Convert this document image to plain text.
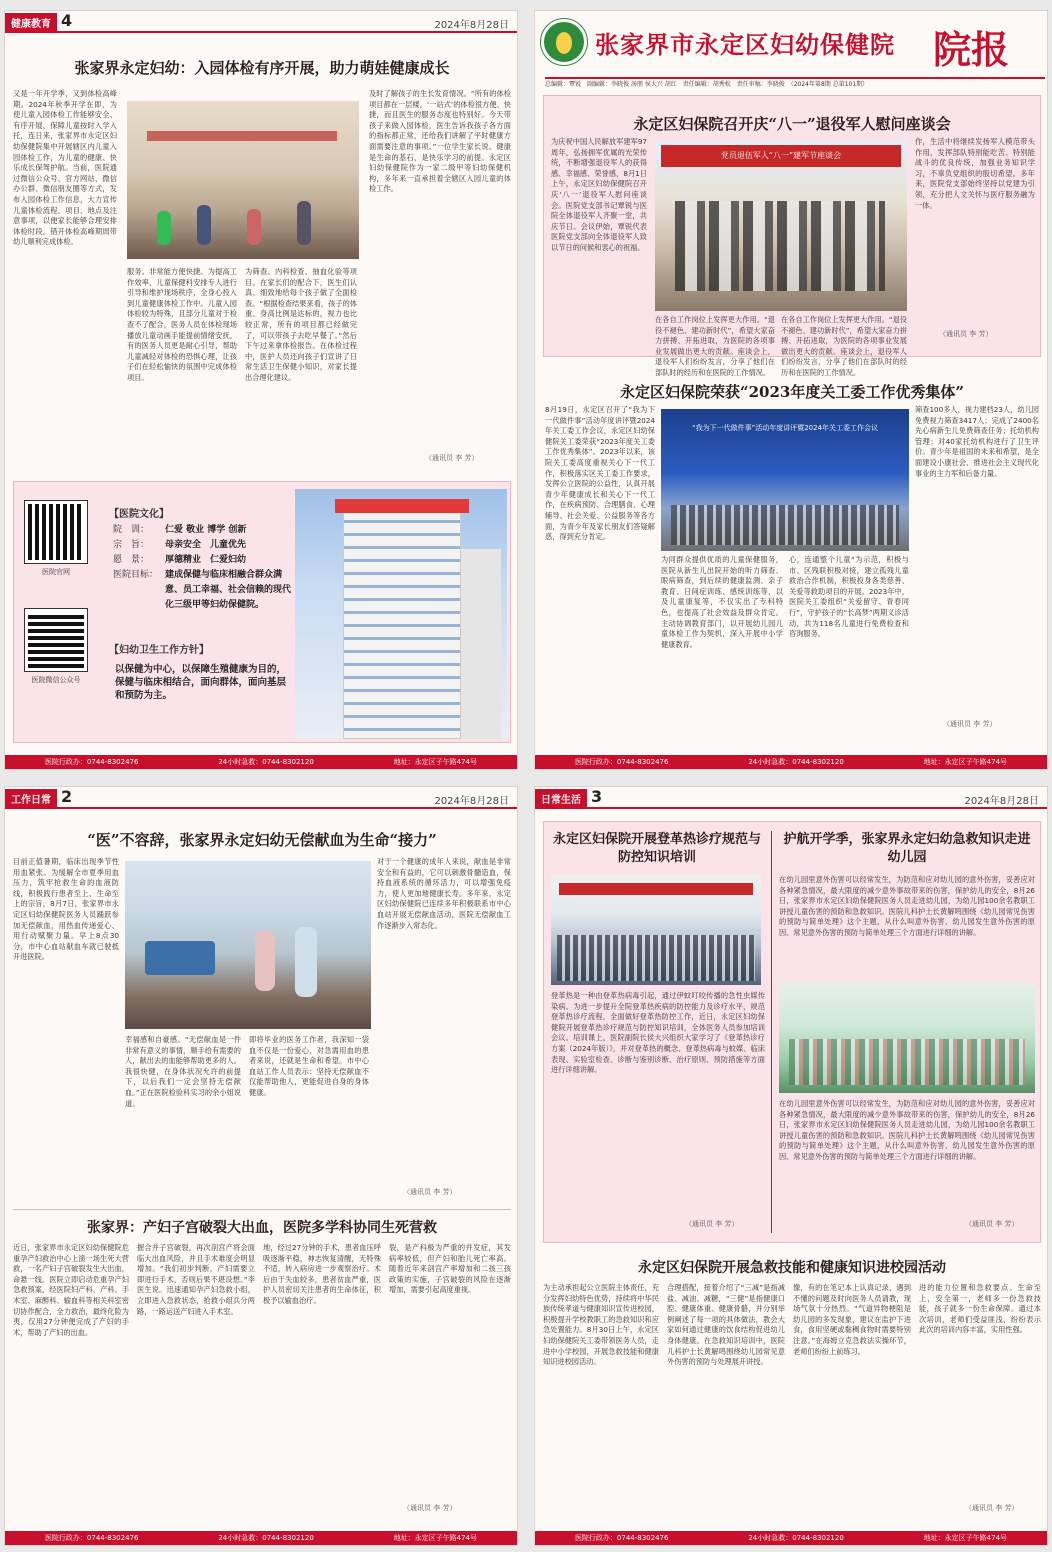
健康教育 4	2024年8月28日
张家界永定妇幼：入园体检有序开展，助力萌娃健康成长
又是一年开学季，又到体检高峰期。2024年秋季开学在即，为使儿童入园体检工作能够安全、有序开展，保障儿童按时入学入托，连日来，张家界市永定区妇幼保健院集中开展辖区内儿童入园体检工作，为儿童的健康、快乐成长保驾护航。当前，医院通过微信公众号、官方网站、微信办公群、微信朋友圈等方式，发布入园体检工作信息，大力宣传儿童体检流程、项目、地点及注意事项，以便家长能够合理安排体检时段，错开体检高峰期周带幼儿顺利完成体检。
服务。非常能方便快捷。为提高工作效率，儿童保健科安排专人进行引导和维护现场秩序，全身心投入到儿童健康体检工作中。儿童入园体检较为特殊，且部分儿童对于检查不了配合，医务人员在体检现场播放儿童动画手能提前情绪安抚，有的医务人员更是耐心引导，帮助儿童减轻对体检的恐惧心理，让孩子们在轻松愉快的氛围中完成体检项目。
为筛查、内科检查、抽血化验等项目。在家长们的配合下，医生们认真、细致地给每个孩子做了全面检查。“根据检查结果来看，孩子的体重、身高比例是达标的，视力也比较正常，所有的项目都已经做完了，可以带孩子去吃早餐了。”然后下午过来拿体检报告。在体检过程中，医护人员还向孩子们宣讲了日常生活卫生保健小知识，对家长提出合理化建议。
及时了解孩子的生长发育情况。“所有的体检项目都在一层楼，‘一站式’的体检很方便、快捷，而且医生的服务态度也特别好。今天带孩子来做入园体检，医生告诉我孩子各方面的指标都正常，还给我们讲解了平时健康方面需要注意的事项。”一位学生家长说。健康是生命的基石，是快乐学习的前提。永定区妇幼保健院作为一家二级甲等妇幼保健机构，多年来一直承担着全辖区入园儿童的体检工作。
（通讯员 李 芳）
医院官网
医院微信公众号
【医院文化】
院　训：	仁爱 敬业 博学 创新
宗　旨：	母亲安全　儿童优先
愿　景：	厚德精业　仁爱妇幼
医院目标： 建成保健与临床相融合群众满意、员工幸福、社会信赖的现代化三级甲等妇幼保健院。
【妇幼卫生工作方针】
以保健为中心，以保障生殖健康为目的，保健与临床相结合，面向群体，面向基层和预防为主。
医院行政办：0744-8302476	24小时急救：0744-8302120	地址：永定区子午路474号
张家界市永定区妇幼保健院 院报
总编辑：覃锐　副编辑：李晓俊 汤朋 侯大兴 胡红　责任编辑：胡秀松　责任审稿：李晓俊　（2024年第8期 总第101期）
永定区妇保院召开庆“八一”退役军人慰问座谈会
为庆祝中国人民解放军建军97周年，弘扬拥军优属的光荣传统，不断增强退役军人的获得感、幸福感、荣誉感，8月1日上午，永定区妇幼保健院召开庆‘八一’退役军人慰问座谈会。医院党支部书记覃锐与医院全体退役军人齐聚一堂，共庆节日。会议伊始，覃锐代表医院党支部向全体退役军人致以节日的问候和衷心的祝福。
党员退伍军人“八一”建军节座谈会
在各自工作岗位上发挥更大作用。“退役不褪色、建功新时代”，希望大家奋力拼搏、开拓进取，为医院的各项事业发展做出更大的贡献。座谈会上，退役军人们纷纷发言，分享了他们在部队时的经历和在医院的工作情况。
在各自工作岗位上发挥更大作用。“退役不褪色、建功新时代”，希望大家奋力拼搏、开拓进取，为医院的各项事业发展做出更大的贡献。座谈会上，退役军人们纷纷发言，分享了他们在部队时的经历和在医院的工作情况。
作，生活中将继续发扬军人模范带头作用，发挥部队特别能吃苦、特别能战斗的优良传统，加强业务知识学习，不辜负党组织的殷切希望。多年来，医院党支部始终坚持以党建为引领，充分把人文关怀与医疗服务融为一体。
（通讯员 李 芳）
永定区妇保院荣获“2023年度关工委工作优秀集体”
8月19日，永定区召开了“我为下一代做件事”活动年度讲评暨2024年关工委工作会议，永定区妇幼保健院关工委荣获“2023年度关工委工作优秀集体”。2023年以来，该院关工委高度重视关心下一代工作，积极落实区关工委工作要求，发挥公立医院的公益性，认真开展青少年健康成长和关心下一代工作，在疾病预防、合理膳食、心理辅导、社会关爱、公益服务等各方面，为青少年及家长朋友们答疑解惑，得到充分肯定。
“我为下一代做件事”活动年度讲评暨2024年关工委工作会议
为同群众提供优质的儿童保健服务，医院从新生儿出院开始的听力筛查、眼病筛查，到后续的健康监测、亲子教育、日间症训练、感统训练等，以及儿童康复等，不仅实出了专科特色，也提高了社会效益及群众肯定。主动协调教育部门，以开展幼儿园儿童体检工作为契机，深入开展中小学健康教育。
心，连通整个儿童“为示范，积极与市、区残联积极对接，建立孤残儿童救治合作机制，积极投身各类慈善、关爱等救助项目的开展。2023年中，医院关工委组织“关爱留守、青春同行”，守护孩子的“长高梦”两期义诊活动，共为118名儿童进行免费检查和咨询服务。
筛查100多人，视力建档23人，幼儿园免费视力筛查3417人；完成了2400名先心病新生儿免费筛查任务；托幼机构管理；对40家托幼机构进行了卫生评价。青少年是祖国的未来和希望，是全面建设小康社会、推进社会主义现代化事业的主力军和后备力量。
（通讯员 李 芳）
医院行政办：0744-8302476	24小时急救：0744-8302120	地址：永定区子午路474号
工作日常 2	2024年8月28日
“医”不容辞，张家界永定妇幼无偿献血为生命“接力”
目前正值暑期，临床出现季节性用血紧张。为缓解全市夏季用血压力，筑牢抢救生命的血液防线，积极践行患者至上、生命至上的宗旨，8月7日，张家界市永定区妇幼保健院医务人员踊跃参加无偿献血，用热血传递爱心、用行动赋聚力量。早上8点30分，市中心血站献血车就已驶抵开进医院。
幸福感和自豪感。“无偿献血是一件非常有意义的事情，顺手给有需要的人，献出去的血能够帮助更多的人。我很快健，在身体状况允许的前提下，以后我们一定会坚持无偿献血。”正在医院检验科实习的余小姐说道。
即将毕业的医务工作者，我深知一袋血不仅是一份爱心，对急需用血的患者来说，还就是生命和希望。市中心血站工作人员表示：坚持无偿献血不仅能帮助他人，更能促进自身的身体健康。
对于一个健康的成年人来说，献血是非常安全和有益的，它可以刺激骨髓造血，保持血液系统的循环活力，可以增强免疫力，使人更加地健康长寿。多年来，永定区妇幼保健院已连续多年积极联系市中心血站开展无偿献血活动，医院无偿献血工作逐渐步入常态化。
（通讯员 李 芳）
张家界：产妇子宫破裂大出血，医院多学科协同生死营救
近日，张家界市永定区妇幼保健院危重孕产妇救治中心上演一场生死大营救，一名产妇子宫破裂发生大出血，命悬一线。医院立即启动危重孕产妇急救预案，经医院妇产科、产科、手术室、麻醉科、输血科等相关科室密切协作配合，全力救治，最终化险为夷，仅用27分钟便完成了产妇的手术，帮助了产妇的出血。
握合并子宫破裂，再次剖宫产将会面临大出血风险，并且手术难度会明显增加。“我们初步判断，产妇需要立即进行手术，否则后果不堪设想。”李医生说。迅速通知孕产妇急救小组，立即进入急救状态，抢救小组兵分两路，一路运送产妇进入手术室。
地，经过27分钟的手术，患者血压呼吸逐渐平稳，神志恢复清醒，无特殊不适，转入病房进一步观察治疗。术后由于失血较多，患者贫血严重，医护人员密切关注患者的生命体征，积极予以输血治疗。
裂，是产科极为严重的并发症，其发病率较低，但产妇和胎儿死亡率高。随着近年来剖宫产率增加和二孩三孩政策的实施，子宫破裂的风险在逐渐增加，需要引起高度重视。
（通讯员 李 芳）
医院行政办：0744-8302476	24小时急救：0744-8302120	地址：永定区子午路474号
日常生活 3	2024年8月28日
永定区妇保院开展登革热诊疗规范与防控知识培训
登革热是一种由登革热病毒引起，通过伊蚊叮咬传播的急性虫媒传染病。为进一步提升全院登革热疾病的防控能力及诊疗水平，规范登革热诊疗流程，全面做好登革热防控工作，近日，永定区妇幼保健院开展登革热诊疗规范与防控知识培训，全体医务人员参加培训会议。培训课上，医院副院长侯大兴组织大家学习了《登革热诊疗方案（2024年版）》，并对登革热的概念、登革热病毒与蚊媒、临床表现、实验室检查、诊断与鉴别诊断、治疗原则、预防措施等方面进行详细讲解。
（通讯员 李 芳）
护航开学季，张家界永定妇幼急救知识走进幼儿园
在幼儿园里意外伤害可以经常发生，为防范和应对幼儿园的意外伤害，妥善应对各种紧急情况，最大限度的减少意外事故带来的伤害，保护幼儿的安全，8月26日，张家界市永定区妇幼保健院医务人员走进幼儿园，为幼儿园100余名教职工讲授儿童伤害的预防和急救知识。医院儿科护士长黄解鸣围绕《幼儿园常见伤害的预防与简单处理》这个主题，从什么叫意外伤害、幼儿园发生意外伤害的原因、常见意外伤害的预防与简单处理三个方面进行详细的讲解。
在幼儿园里意外伤害可以经常发生，为防范和应对幼儿园的意外伤害，妥善应对各种紧急情况，最大限度的减少意外事故带来的伤害，保护幼儿的安全，8月26日，张家界市永定区妇幼保健院医务人员走进幼儿园，为幼儿园100余名教职工讲授儿童伤害的预防和急救知识。医院儿科护士长黄解鸣围绕《幼儿园常见伤害的预防与简单处理》这个主题，从什么叫意外伤害、幼儿园发生意外伤害的原因、常见意外伤害的预防与简单处理三个方面进行详细的讲解。
（通讯员 李 芳）
永定区妇保院开展急救技能和健康知识进校园活动
为主动承担起公立医院主体责任，充分发挥妇幼特色优势，持续将中华民族传统孝道与健康知识宣传进校园，积极提升学校教职工的急救知识和应急处置能力。8月30日上午，永定区妇幼保健院关工委带领医务人员，走进中小学校园，开展急救技能和健康知识进校园活动。
合理搭配，接着介绍了“三减”是指减盐、减油、减糖，“三健”是指健康口腔、健康体重、健康骨骼，并分别举例阐述了每一项的具体做法，教会大家如何通过健康的饮食结构促进幼儿身体健康。在急救知识培训中，医院儿科护士长黄解鸣围绕幼儿园常见意外伤害的预防与处理展开讲授。
像，有的在笔记本上认真记录，遇到不懂的问题及时向医务人员请教，现场气氛十分热烈。“气道异物梗阻是幼儿园的多发现象，建议在监护下进食，食用坚硬或黏稠食物时需要特别注意。”在海姆立克急救法实操环节，老师们纷纷上前练习。
进的能力位置和急救要点。生命至上，安全第一，老师多一份急救技能，孩子就多一份生命保障。通过本次培训，老师们受益匪浅，纷纷表示此次的培训内容丰富，实用性强。
（通讯员 李 芳）
医院行政办：0744-8302476	24小时急救：0744-8302120	地址：永定区子午路474号
